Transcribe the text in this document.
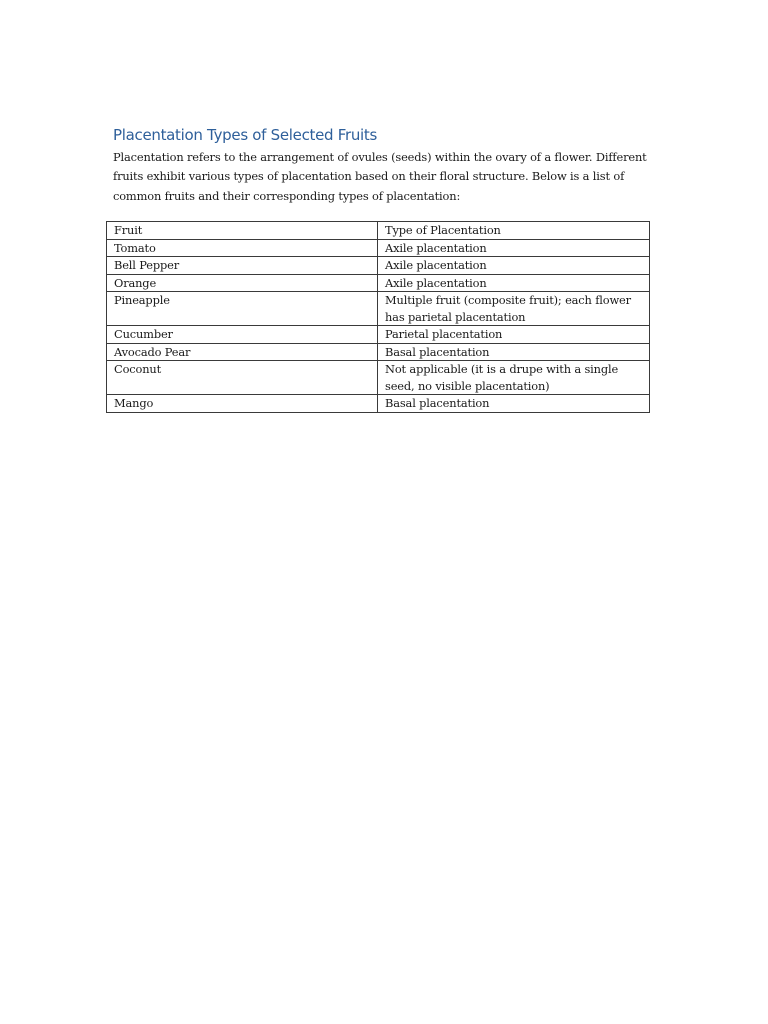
Placentation Types of Selected Fruits

Placentation refers to the arrangement of ovules (seeds) within the ovary of a flower. Different fruits exhibit various types of placentation based on their floral structure. Below is a list of common fruits and their corresponding types of placentation:

Fruit	Type of Placentation
Tomato	Axile placentation
Bell Pepper	Axile placentation
Orange	Axile placentation
Pineapple	Multiple fruit (composite fruit); each flower has parietal placentation
Cucumber	Parietal placentation
Avocado Pear	Basal placentation
Coconut	Not applicable (it is a drupe with a single seed, no visible placentation)
Mango	Basal placentation
